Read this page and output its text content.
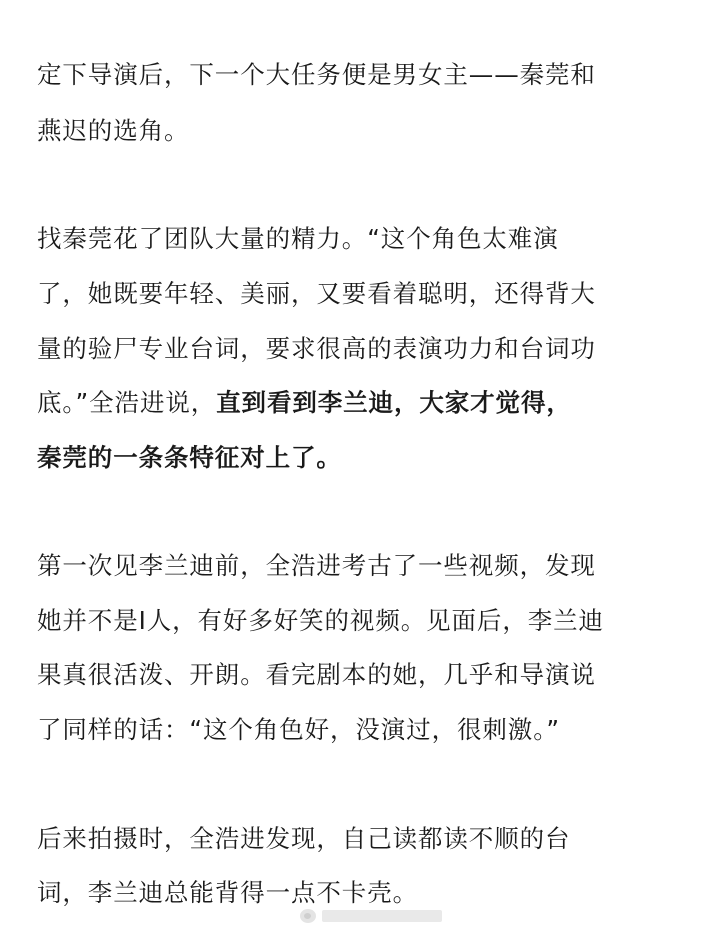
定下导演后，下一个大任务便是男女主——秦莞和
燕迟的选角。
找秦莞花了团队大量的精力。“这个角色太难演
了，她既要年轻、美丽，又要看着聪明，还得背大
量的验尸专业台词，要求很高的表演功力和台词功
底。”全浩进说，直到看到李兰迪，大家才觉得，
秦莞的一条条特征对上了。
第一次见李兰迪前，全浩进考古了一些视频，发现
她并不是I人，有好多好笑的视频。见面后，李兰迪
果真很活泼、开朗。看完剧本的她，几乎和导演说
了同样的话：“这个角色好，没演过，很刺激。”
后来拍摄时，全浩进发现，自己读都读不顺的台
词，李兰迪总能背得一点不卡壳。
